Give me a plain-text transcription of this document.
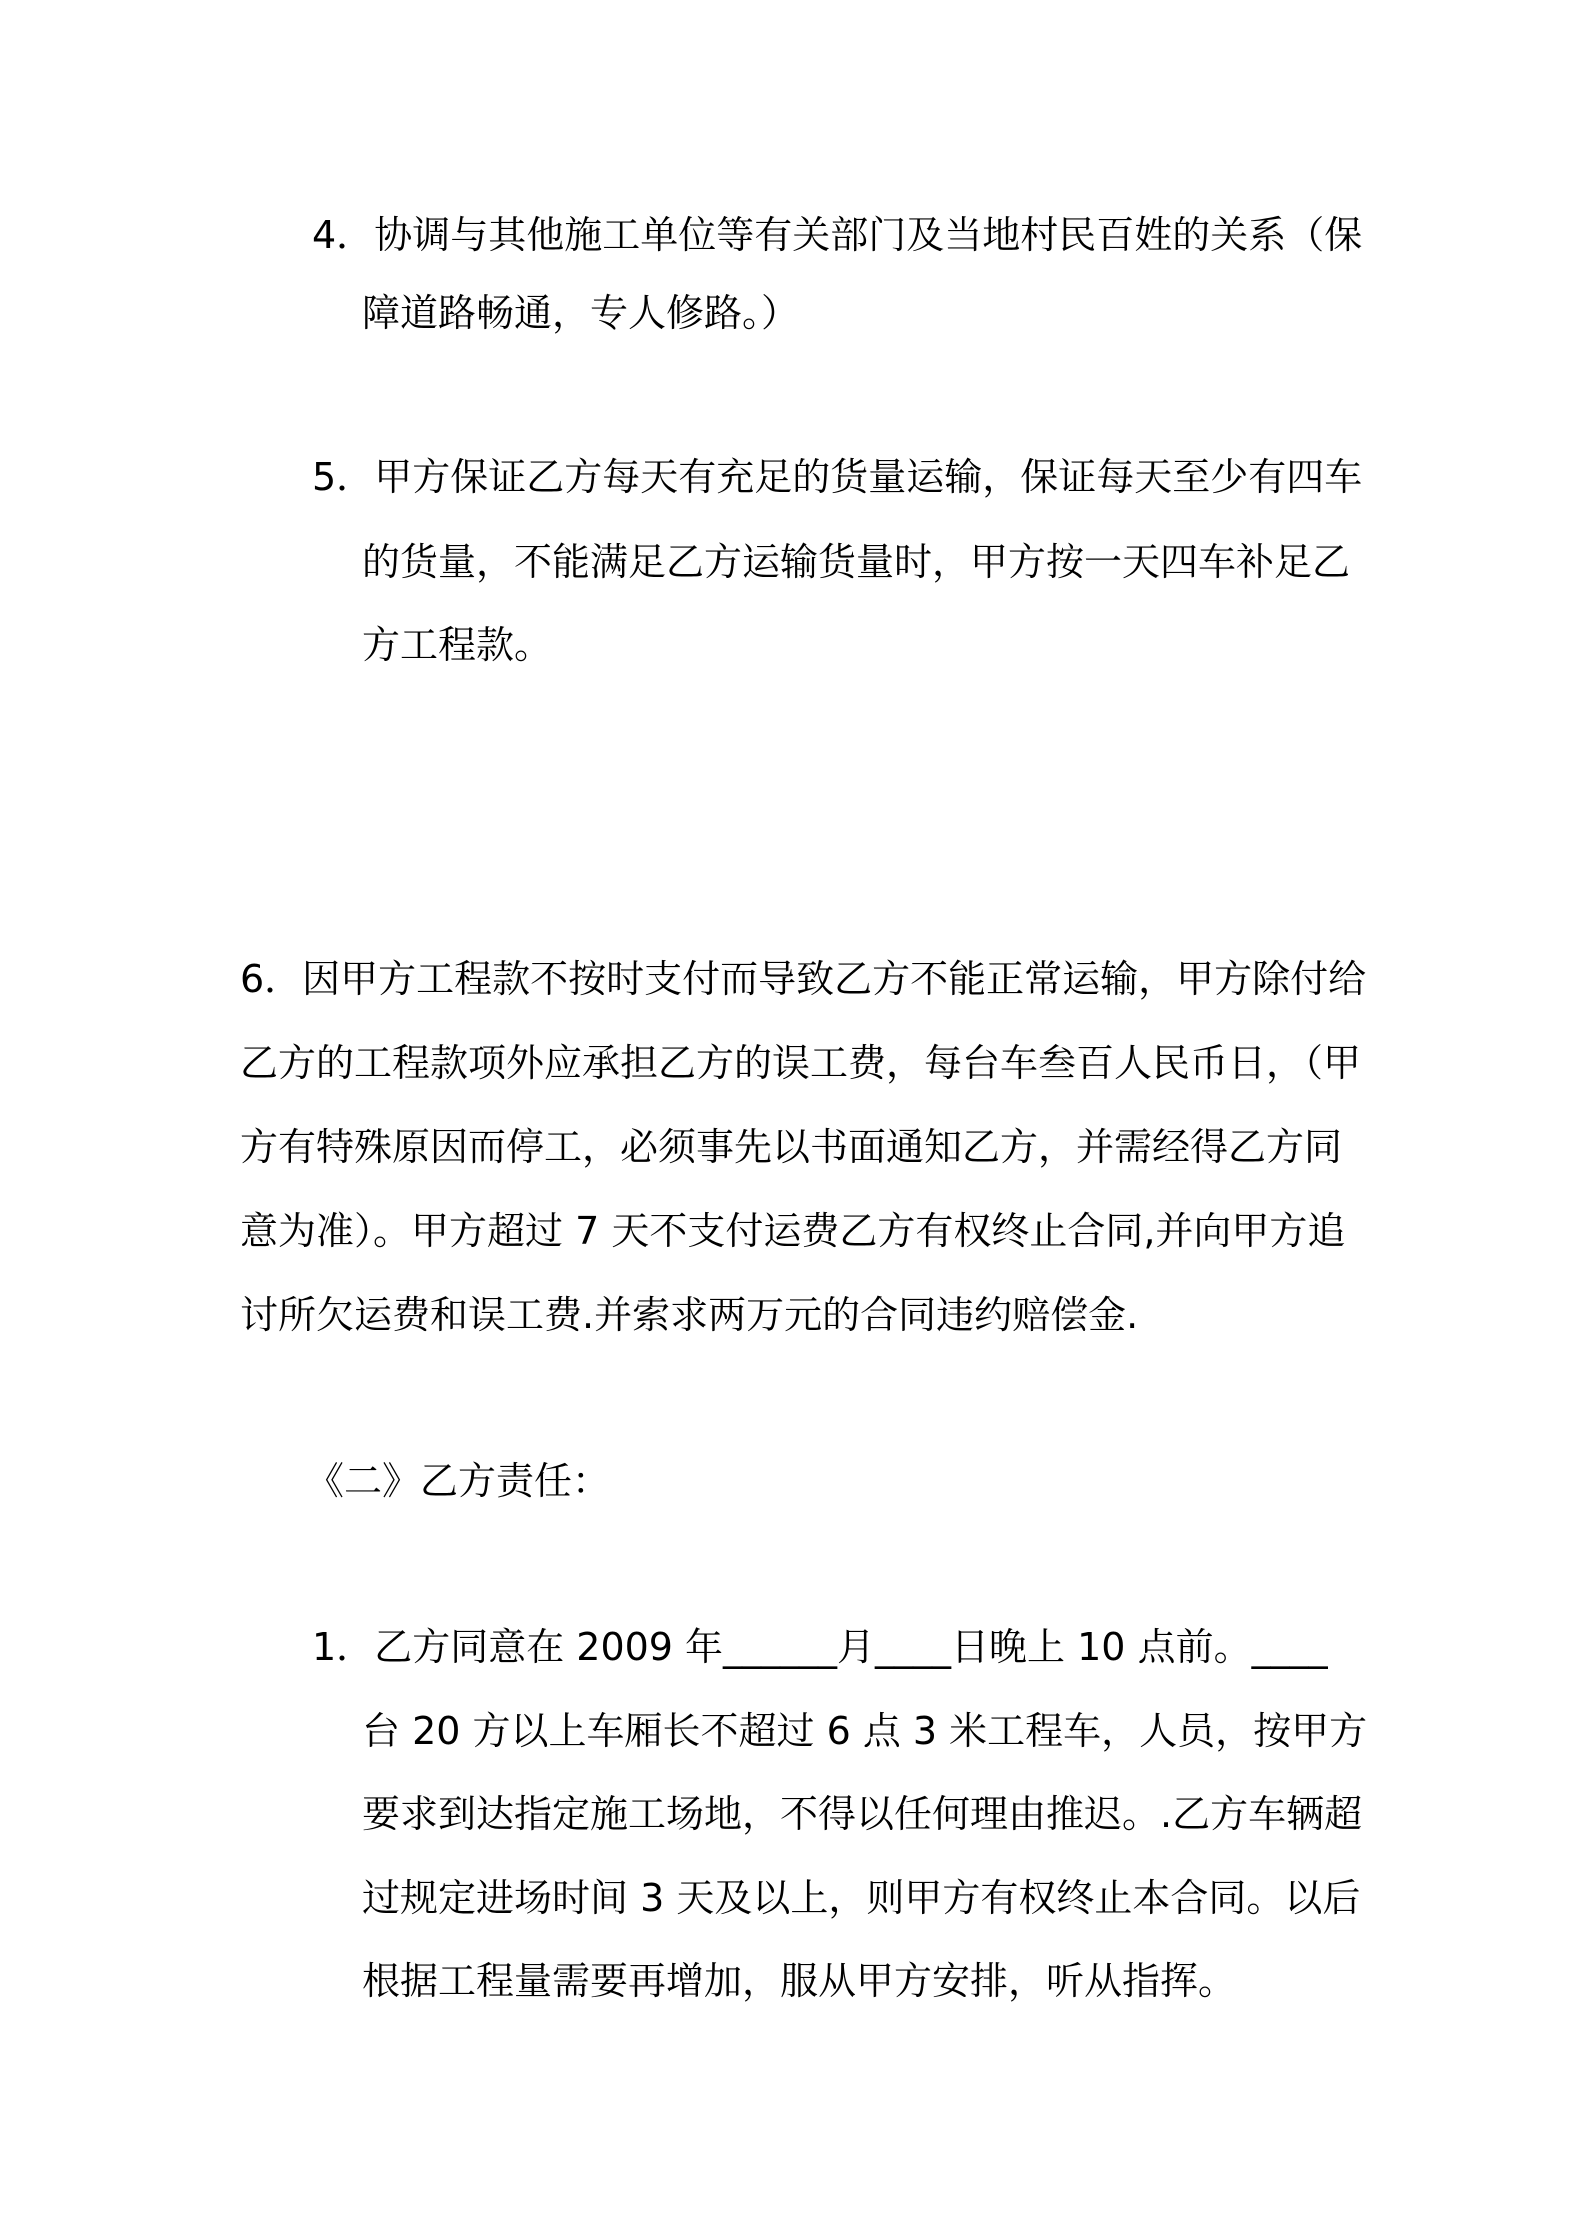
4．协调与其他施工单位等有关部门及当地村民百姓的关系（保
障道路畅通，专人修路。）
5．甲方保证乙方每天有充足的货量运输，保证每天至少有四车
的货量，不能满足乙方运输货量时，甲方按一天四车补足乙
方工程款。
6．因甲方工程款不按时支付而导致乙方不能正常运输，甲方除付给
乙方的工程款项外应承担乙方的误工费，每台车叁百人民币日，（甲
方有特殊原因而停工，必须事先以书面通知乙方，并需经得乙方同
意为准）。甲方超过 7 天不支付运费乙方有权终止合同,并向甲方追
讨所欠运费和误工费.并索求两万元的合同违约赔偿金.
《二》乙方责任：
1．乙方同意在 2009 年______月____日晚上 10 点前。____
台 20 方以上车厢长不超过 6 点 3 米工程车，人员，按甲方
要求到达指定施工场地，不得以任何理由推迟。.乙方车辆超
过规定进场时间 3 天及以上，则甲方有权终止本合同。以后
根据工程量需要再增加，服从甲方安排，听从指挥。
